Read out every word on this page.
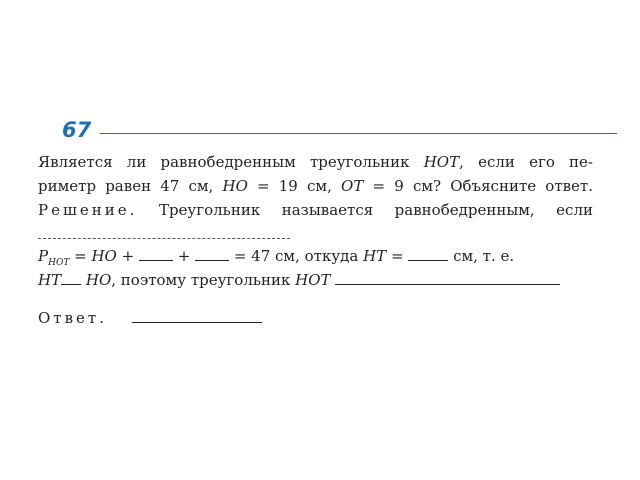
67
Является ли равнобедренным треугольник HOT, если его пе-
риметр равен 47 см, HO = 19 см, OT = 9 см? Объясните ответ.
Решение. Треугольник называется равнобедренным, если
$P_{HOT}$ = HO +  +  = 47 см, откуда HT =	см, т. е.
HT HO, поэтому треугольник HOT
Ответ.
